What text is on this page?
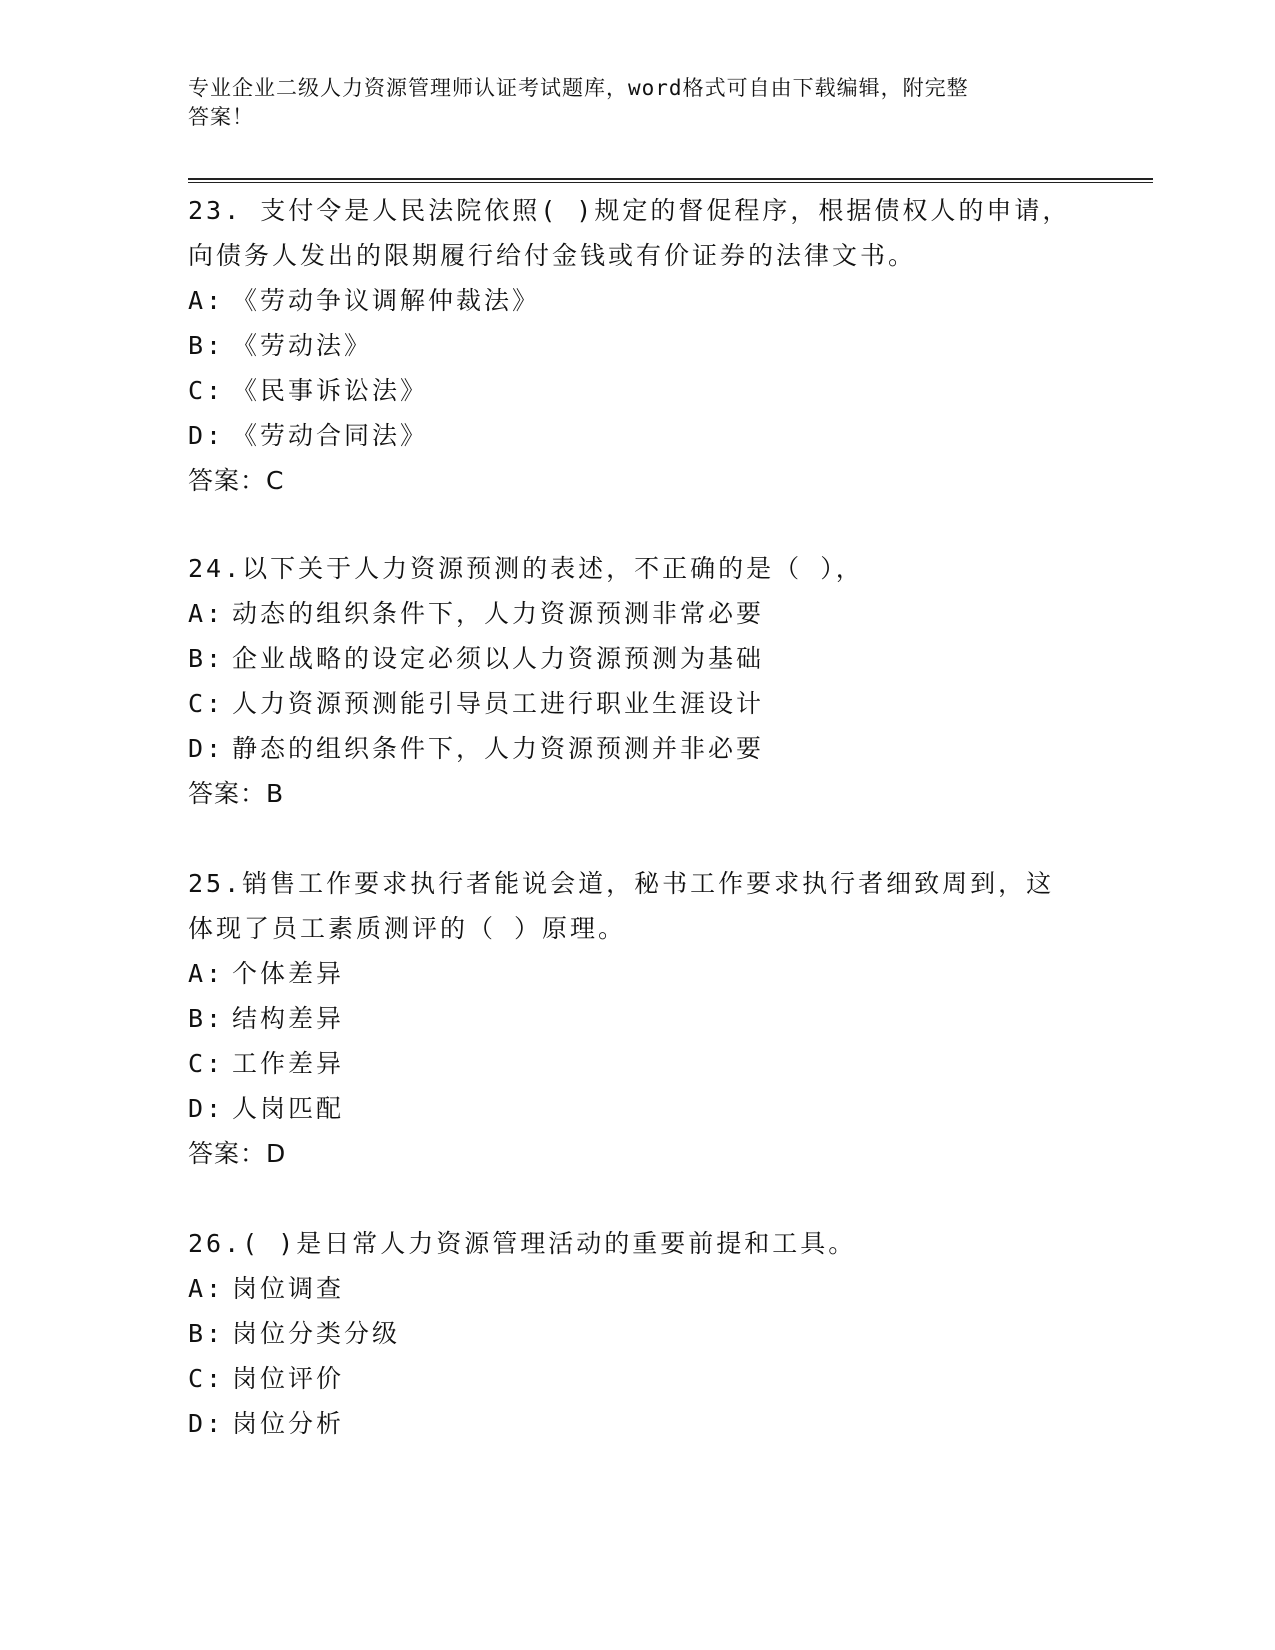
专业企业二级人力资源管理师认证考试题库，word格式可自由下载编辑，附完整
答案！
23. 支付令是人民法院依照( )规定的督促程序，根据债权人的申请，
向债务人发出的限期履行给付金钱或有价证券的法律文书。
A: 《劳动争议调解仲裁法》
B: 《劳动法》
C: 《民事诉讼法》
D: 《劳动合同法》
答案：C
24.以下关于人力资源预测的表述，不正确的是（ ），
A: 动态的组织条件下，人力资源预测非常必要
B: 企业战略的设定必须以人力资源预测为基础
C: 人力资源预测能引导员工进行职业生涯设计
D: 静态的组织条件下，人力资源预测并非必要
答案：B
25.销售工作要求执行者能说会道，秘书工作要求执行者细致周到，这
体现了员工素质测评的（ ）原理。
A: 个体差异
B: 结构差异
C: 工作差异
D: 人岗匹配
答案：D
26.( )是日常人力资源管理活动的重要前提和工具。
A: 岗位调查
B: 岗位分类分级
C: 岗位评价
D: 岗位分析
